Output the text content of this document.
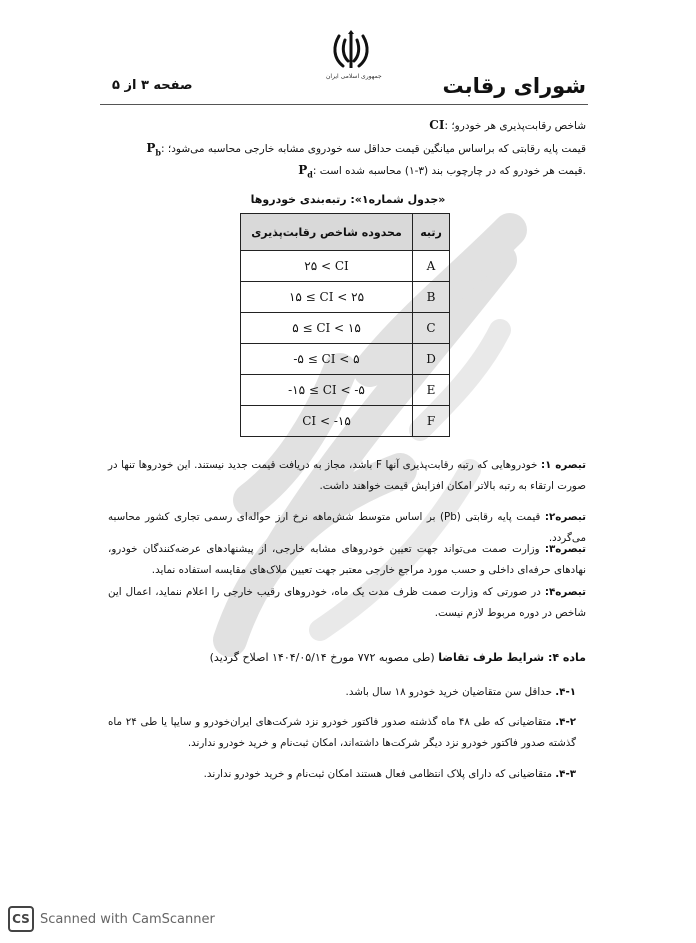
جمهوری اسلامی ایران	شورای رقابت
صفحه ۳ از ۵
CI: شاخص رقابت‌پذیری هر خودرو؛
$P_b$: قیمت پایه رقابتی که براساس میانگین قیمت حداقل سه خودروی مشابه خارجی محاسبه می‌شود؛
$P_d$: قیمت هر خودرو که در چارچوب بند (۳-۱) محاسبه شده است.
«جدول شماره۱»: رتبه‌بندی خودروها
رتبه	محدوده شاخص رقابت‌پذیری
A	۲۵ < CI
B	۱۵ ≤ CI < ۲۵
C	۵ ≤ CI < ۱۵
D	-۵ ≤ CI < ۵
E	-۱۵ ≤ CI < -۵
F	CI < -۱۵
تبصره ۱: خودروهایی که رتبه رقابت‌پذیری آنها F باشد، مجاز به دریافت قیمت جدید نیستند. این خودروها تنها در صورت ارتقاء به رتبه بالاتر امکان افزایش قیمت خواهند داشت.
تبصره۲: قیمت پایه رقابتی (Pb) بر اساس متوسط شش‌ماهه نرخ ارز حواله‌ای رسمی تجاری کشور محاسبه می‌گردد.
تبصره۳: وزارت صمت می‌تواند جهت تعیین خودروهای مشابه خارجی، از پیشنهادهای عرضه‌کنندگان خودرو، نهادهای حرفه‌ای داخلی و حسب مورد مراجع خارجی معتبر جهت تعیین ملاک‌های مقایسه استفاده نماید.
تبصره۴: در صورتی که وزارت صمت ظرف مدت یک ماه، خودروهای رقیب خارجی را اعلام ننماید، اعمال این شاخص در دوره مربوط لازم نیست.
ماده ۴: شرایط طرف تقاضا (طی مصوبه ۷۷۲ مورخ ۱۴۰۴/۰۵/۱۴ اصلاح گردید)
۴-۱. حداقل سن متقاضیان خرید خودرو ۱۸ سال باشد.
۴-۲. متقاضیانی که طی ۴۸ ماه گذشته صدور فاکتور خودرو نزد شرکت‌های ایران‌خودرو و سایپا یا طی ۲۴ ماه گذشته صدور فاکتور خودرو نزد دیگر شرکت‌ها داشته‌اند، امکان ثبت‌نام و خرید خودرو ندارند.
۴-۳. متقاضیانی که دارای پلاک انتظامی فعال هستند امکان ثبت‌نام و خرید خودرو ندارند.
CS Scanned with CamScanner
